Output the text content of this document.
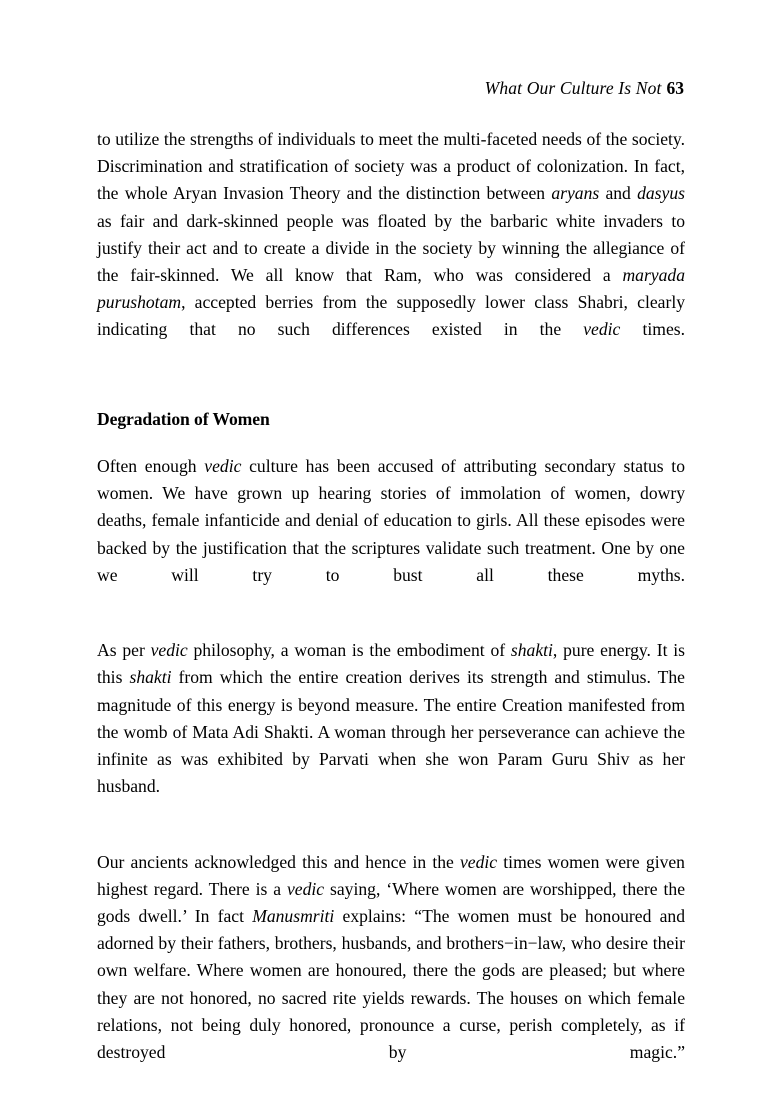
What Our Culture Is Not 63

to utilize the strengths of individuals to meet the multi-faceted needs of the society. Discrimination and stratification of society was a product of colonization. In fact, the whole Aryan Invasion Theory and the distinction between aryans and dasyus as fair and dark-skinned people was floated by the barbaric white invaders to justify their act and to create a divide in the society by winning the allegiance of the fair-skinned. We all know that Ram, who was considered a maryada purushotam, accepted berries from the supposedly lower class Shabri, clearly indicating that no such differences existed in the vedic times.

Degradation of Women

Often enough vedic culture has been accused of attributing secondary status to women. We have grown up hearing stories of immolation of women, dowry deaths, female infanticide and denial of education to girls. All these episodes were backed by the justification that the scriptures validate such treatment. One by one we will try to bust all these myths.

As per vedic philosophy, a woman is the embodiment of shakti, pure energy. It is this shakti from which the entire creation derives its strength and stimulus. The magnitude of this energy is beyond measure. The entire Creation manifested from the womb of Mata Adi Shakti. A woman through her perseverance can achieve the infinite as was exhibited by Parvati when she won Param Guru Shiv as her husband.

Our ancients acknowledged this and hence in the vedic times women were given highest regard. There is a vedic saying, ‘Where women are worshipped, there the gods dwell.’ In fact Manusmriti explains: “The women must be honoured and adorned by their fathers, brothers, husbands, and brothers−in−law, who desire their own welfare. Where women are honoured, there the gods are pleased; but where they are not honored, no sacred rite yields rewards. The houses on which female relations, not being duly honored, pronounce a curse, perish completely, as if destroyed by magic.”
